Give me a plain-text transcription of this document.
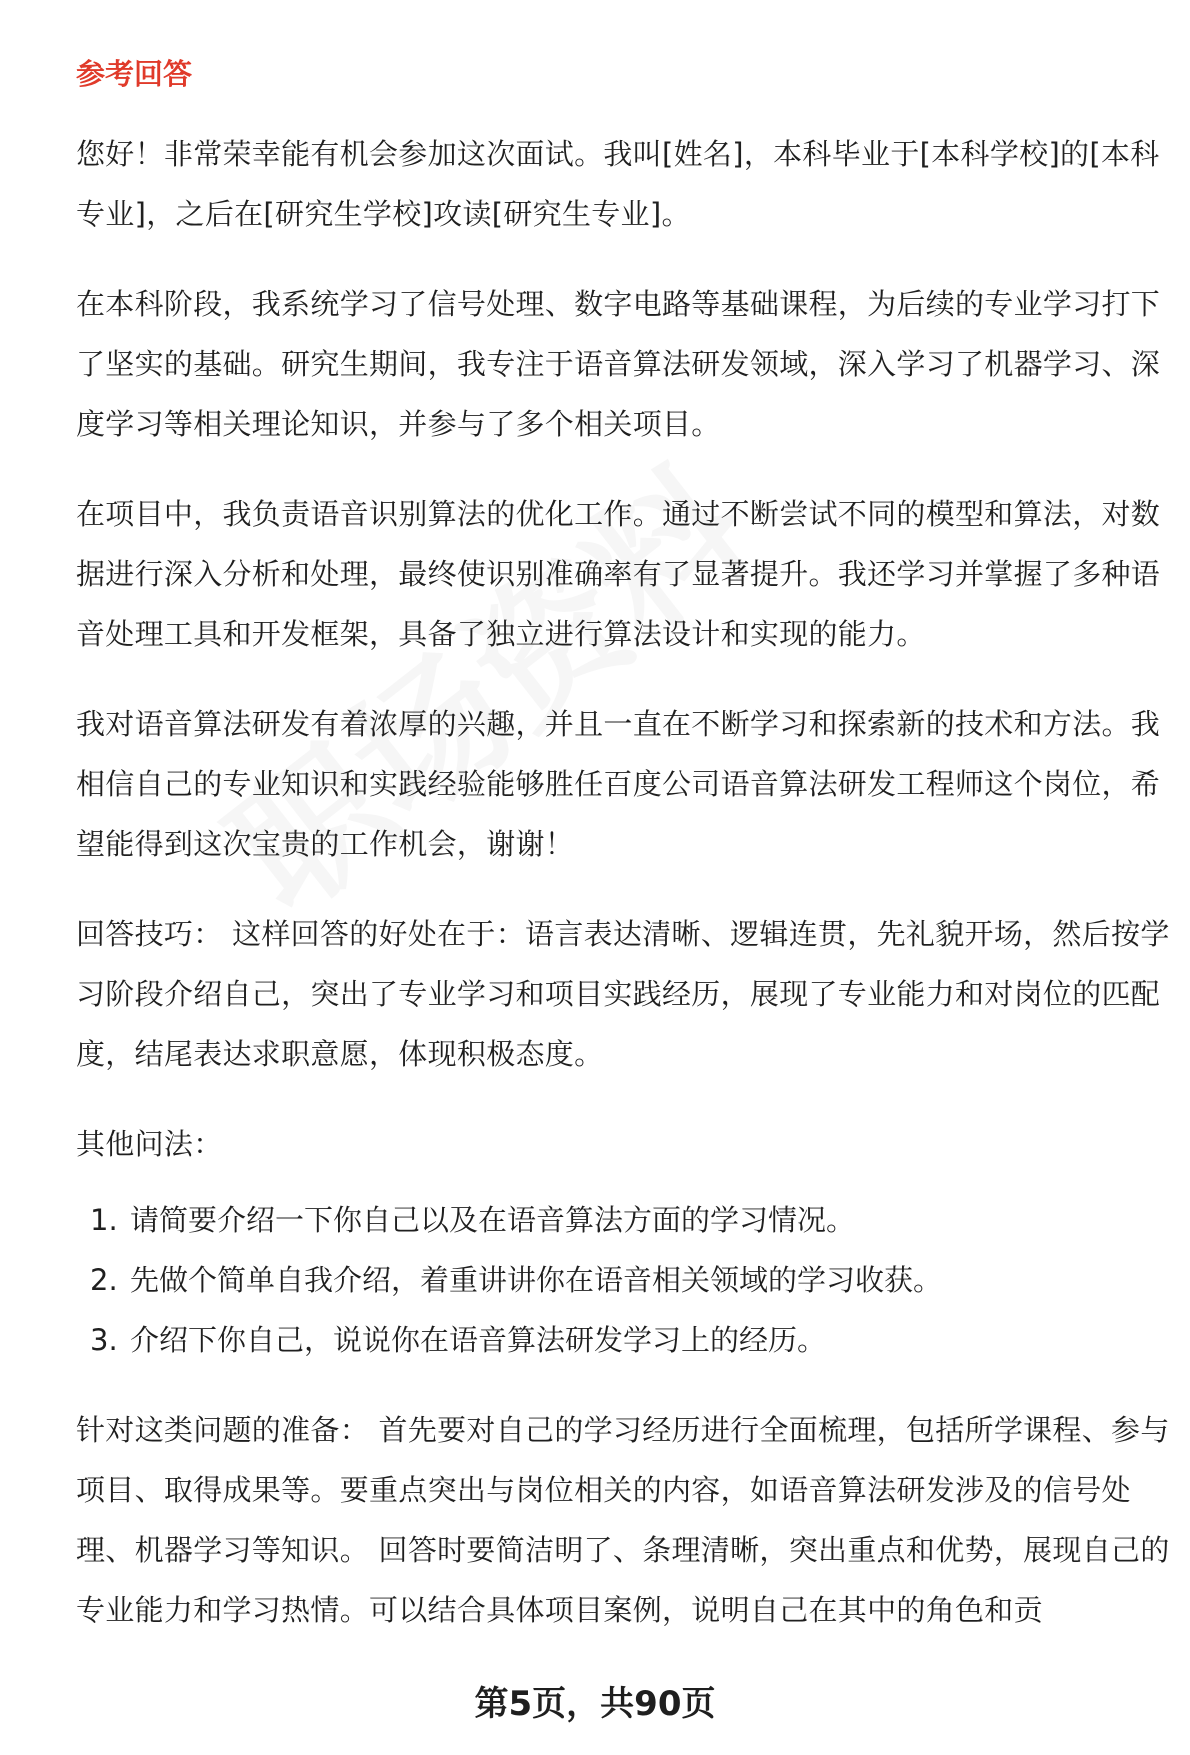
参考回答

您好！非常荣幸能有机会参加这次面试。我叫[姓名]，本科毕业于[本科学校]的[本科专业]，之后在[研究生学校]攻读[研究生专业]。

在本科阶段，我系统学习了信号处理、数字电路等基础课程，为后续的专业学习打下了坚实的基础。研究生期间，我专注于语音算法研发领域，深入学习了机器学习、深度学习等相关理论知识，并参与了多个相关项目。

在项目中，我负责语音识别算法的优化工作。通过不断尝试不同的模型和算法，对数据进行深入分析和处理，最终使识别准确率有了显著提升。我还学习并掌握了多种语音处理工具和开发框架，具备了独立进行算法设计和实现的能力。

我对语音算法研发有着浓厚的兴趣，并且一直在不断学习和探索新的技术和方法。我相信自己的专业知识和实践经验能够胜任百度公司语音算法研发工程师这个岗位，希望能得到这次宝贵的工作机会，谢谢！

回答技巧： 这样回答的好处在于：语言表达清晰、逻辑连贯，先礼貌开场，然后按学习阶段介绍自己，突出了专业学习和项目实践经历，展现了专业能力和对岗位的匹配度，结尾表达求职意愿，体现积极态度。

其他问法：

1. 请简要介绍一下你自己以及在语音算法方面的学习情况。
2. 先做个简单自我介绍，着重讲讲你在语音相关领域的学习收获。
3. 介绍下你自己，说说你在语音算法研发学习上的经历。

针对这类问题的准备： 首先要对自己的学习经历进行全面梳理，包括所学课程、参与项目、取得成果等。要重点突出与岗位相关的内容，如语音算法研发涉及的信号处理、机器学习等知识。 回答时要简洁明了、条理清晰，突出重点和优势，展现自己的专业能力和学习热情。可以结合具体项目案例，说明自己在其中的角色和贡

第5页，共90页
